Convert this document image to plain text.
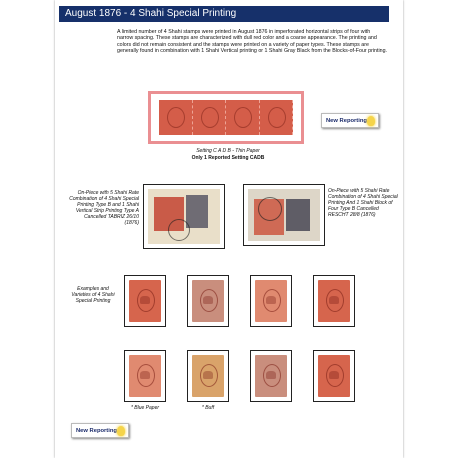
August 1876 - 4 Shahi Special Printing
A limited number of 4 Shahi stamps were printed in August 1876 in imperforated horizontal strips of four with narrow spacing. These stamps are characterized with dull red color and a coarse appearance. The printing and colors did not remain consistent and the stamps were printed on a variety of paper types. These stamps are generally found in combination with 1 Shahi Vertical printing or 1 Shahi Gray Black from the Blocks-of-Four printing.
New Reporting
Setting C A D B - Thin Paper
Only 1 Reported Setting CADB
On-Piece with 5 Shahi Rate Combination of 4 Shahi Special Printing Type B and 1 Shahi Vertical Strip Printing Type A Cancelled TABRIZ 26/10 (1876)
On-Piece with 5 Shahi Rate Combination of 4 Shahi Special Printing And 1 Shahi Block of Four Type B Cancelled RESCHT 28/8 (1876)
Examples and Varieties of 4 Shahi Special Printing
* Blue Paper	* Buff
New Reporting
